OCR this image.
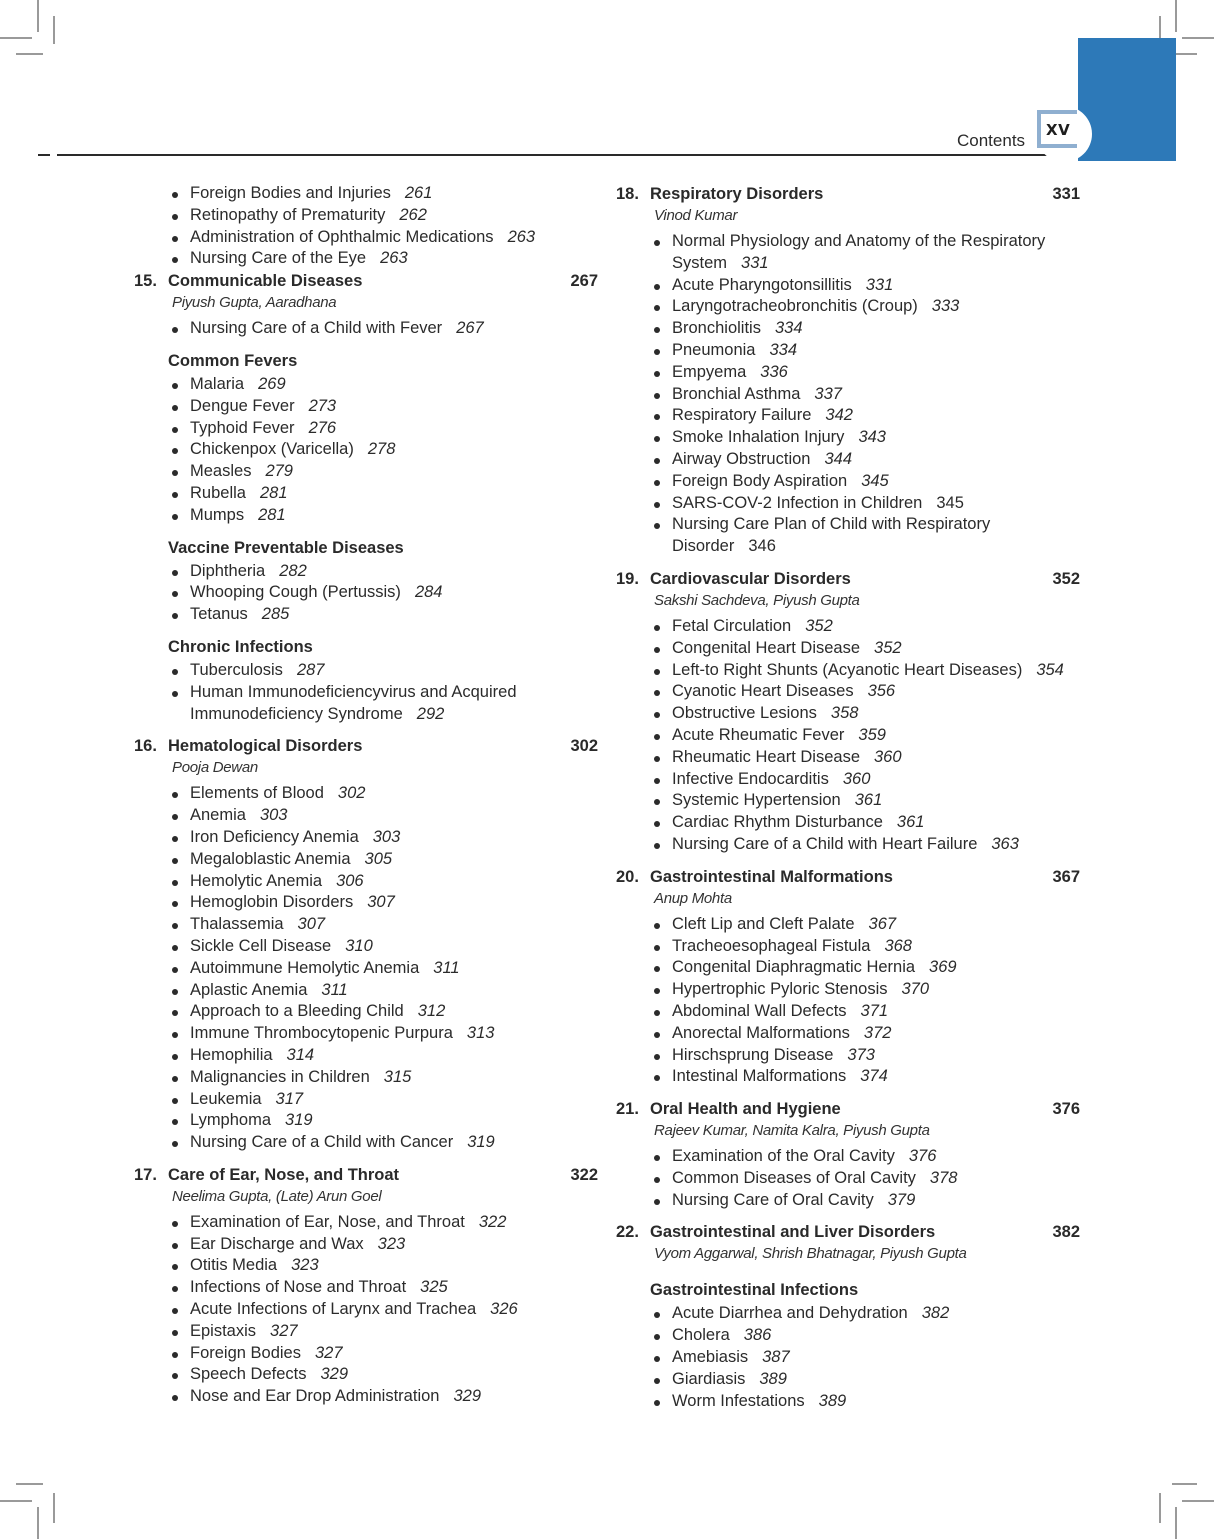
XV
Contents
Foreign Bodies and Injuries 261
Retinopathy of Prematurity 262
Administration of Ophthalmic Medications 263
Nursing Care of the Eye 263
15. Communicable Diseases	267
Piyush Gupta, Aaradhana
Nursing Care of a Child with Fever 267
Common Fevers
Malaria 269
Dengue Fever 273
Typhoid Fever 276
Chickenpox (Varicella) 278
Measles 279
Rubella 281
Mumps 281
Vaccine Preventable Diseases
Diphtheria 282
Whooping Cough (Pertussis) 284
Tetanus 285
Chronic Infections
Tuberculosis 287
Human Immunodeficiencyvirus and Acquired Immunodeficiency Syndrome 292
16. Hematological Disorders	302
Pooja Dewan
Elements of Blood 302
Anemia 303
Iron Deficiency Anemia 303
Megaloblastic Anemia 305
Hemolytic Anemia 306
Hemoglobin Disorders 307
Thalassemia 307
Sickle Cell Disease 310
Autoimmune Hemolytic Anemia 311
Aplastic Anemia 311
Approach to a Bleeding Child 312
Immune Thrombocytopenic Purpura 313
Hemophilia 314
Malignancies in Children 315
Leukemia 317
Lymphoma 319
Nursing Care of a Child with Cancer 319
17. Care of Ear, Nose, and Throat	322
Neelima Gupta, (Late) Arun Goel
Examination of Ear, Nose, and Throat 322
Ear Discharge and Wax 323
Otitis Media 323
Infections of Nose and Throat 325
Acute Infections of Larynx and Trachea 326
Epistaxis 327
Foreign Bodies 327
Speech Defects 329
Nose and Ear Drop Administration 329
18. Respiratory Disorders	331
Vinod Kumar
Normal Physiology and Anatomy of the Respiratory System 331
Acute Pharyngotonsillitis 331
Laryngotracheobronchitis (Croup) 333
Bronchiolitis 334
Pneumonia 334
Empyema 336
Bronchial Asthma 337
Respiratory Failure 342
Smoke Inhalation Injury 343
Airway Obstruction 344
Foreign Body Aspiration 345
SARS-COV-2 Infection in Children 345
Nursing Care Plan of Child with Respiratory Disorder 346
19. Cardiovascular Disorders	352
Sakshi Sachdeva, Piyush Gupta
Fetal Circulation 352
Congenital Heart Disease 352
Left-to Right Shunts (Acyanotic Heart Diseases) 354
Cyanotic Heart Diseases 356
Obstructive Lesions 358
Acute Rheumatic Fever 359
Rheumatic Heart Disease 360
Infective Endocarditis 360
Systemic Hypertension 361
Cardiac Rhythm Disturbance 361
Nursing Care of a Child with Heart Failure 363
20. Gastrointestinal Malformations	367
Anup Mohta
Cleft Lip and Cleft Palate 367
Tracheoesophageal Fistula 368
Congenital Diaphragmatic Hernia 369
Hypertrophic Pyloric Stenosis 370
Abdominal Wall Defects 371
Anorectal Malformations 372
Hirschsprung Disease 373
Intestinal Malformations 374
21. Oral Health and Hygiene	376
Rajeev Kumar, Namita Kalra, Piyush Gupta
Examination of the Oral Cavity 376
Common Diseases of Oral Cavity 378
Nursing Care of Oral Cavity 379
22. Gastrointestinal and Liver Disorders	382
Vyom Aggarwal, Shrish Bhatnagar, Piyush Gupta
Gastrointestinal Infections
Acute Diarrhea and Dehydration 382
Cholera 386
Amebiasis 387
Giardiasis 389
Worm Infestations 389
